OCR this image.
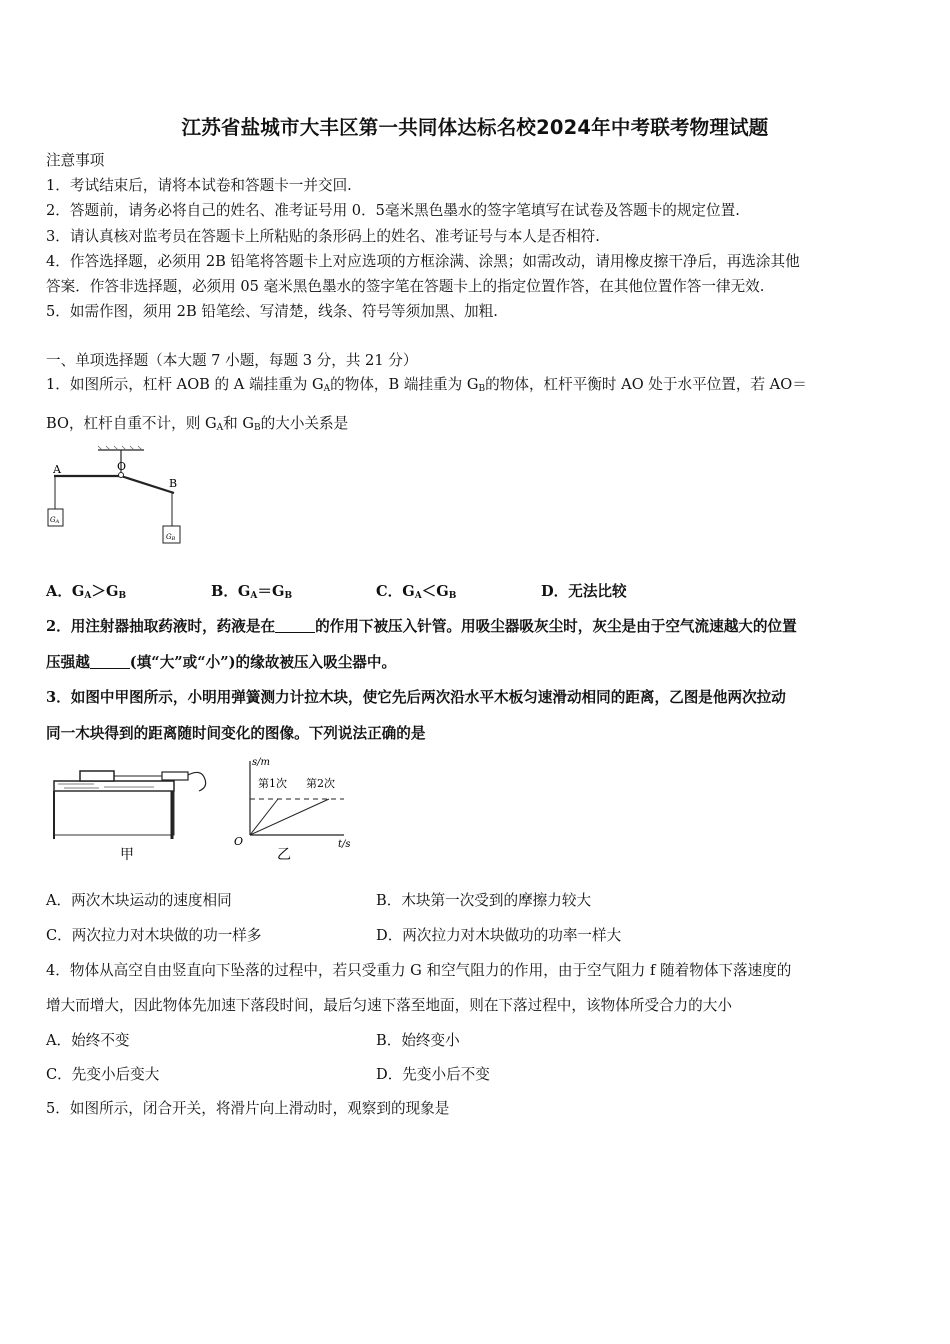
江苏省盐城市大丰区第一共同体达标名校2024年中考联考物理试题
注意事项
1．考试结束后，请将本试卷和答题卡一并交回.
2．答题前，请务必将自己的姓名、准考证号用 0．5毫米黑色墨水的签字笔填写在试卷及答题卡的规定位置.
3．请认真核对监考员在答题卡上所粘贴的条形码上的姓名、准考证号与本人是否相符.
4．作答选择题，必须用 2B 铅笔将答题卡上对应选项的方框涂满、涂黑；如需改动，请用橡皮擦干净后，再选涂其他
答案．作答非选择题，必须用 05 毫米黑色墨水的签字笔在答题卡上的指定位置作答，在其他位置作答一律无效.
5．如需作图，须用 2B 铅笔绘、写清楚，线条、符号等须加黑、加粗.
一、单项选择题（本大题 7 小题，每题 3 分，共 21 分）
1．如图所示，杠杆 AOB 的 A 端挂重为 $G_A$的物体，B 端挂重为 $G_B$的物体，杠杆平衡时 AO 处于水平位置，若 AO＝
BO，杠杆自重不计，则 $G_A$和 $G_B$的大小关系是
A	O
B
GA
GB
A．$G_A>G_B$	B．$G_A=G_B$	C．$G_A<G_B$	D．无法比较
2．用注射器抽取药液时，药液是在	的作用下被压入针管。用吸尘器吸灰尘时，灰尘是由于空气流速越大的位置
压强越	(填“大”或“小”)的缘故被压入吸尘器中。
3．如图中甲图所示，小明用弹簧测力计拉木块，使它先后两次沿水平木板匀速滑动相同的距离，乙图是他两次拉动
同一木块得到的距离随时间变化的图像。下列说法正确的是
甲
s/m
t/s
O
第1次 第2次
乙
A．两次木块运动的速度相同	B．木块第一次受到的摩擦力较大
C．两次拉力对木块做的功一样多	D．两次拉力对木块做功的功率一样大
4．物体从高空自由竖直向下坠落的过程中，若只受重力 G 和空气阻力的作用，由于空气阻力 f 随着物体下落速度的
增大而增大，因此物体先加速下落段时间，最后匀速下落至地面，则在下落过程中，该物体所受合力的大小
A．始终不变	B．始终变小
C．先变小后变大	D．先变小后不变
5．如图所示，闭合开关，将滑片向上滑动时，观察到的现象是
